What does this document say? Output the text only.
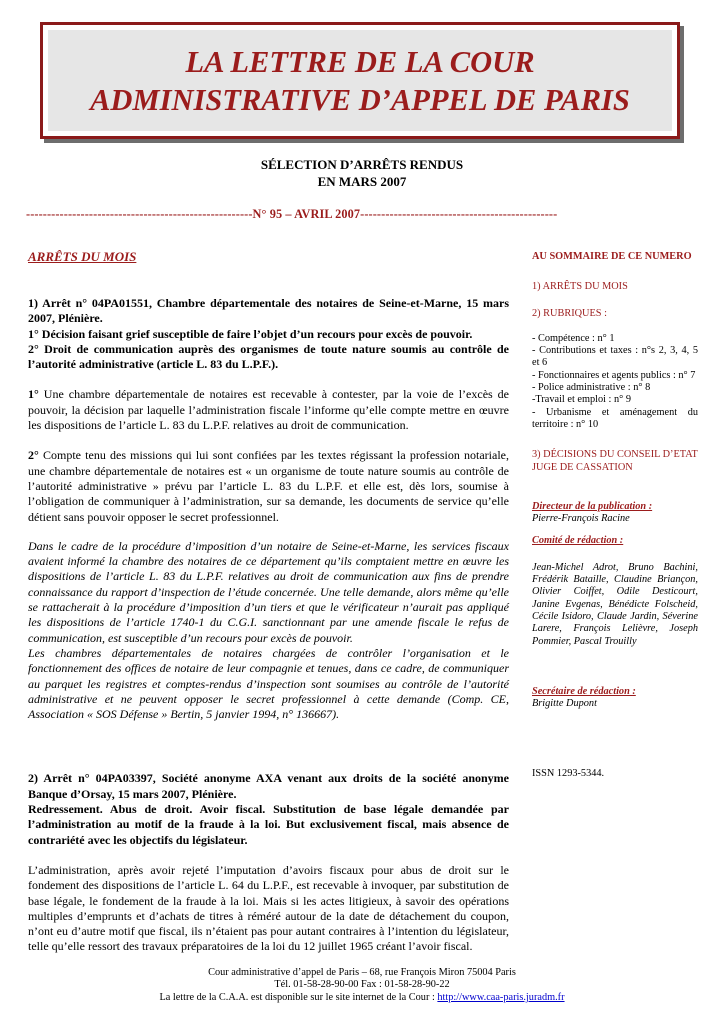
LA LETTRE DE LA COUR
ADMINISTRATIVE D’APPEL DE PARIS
SÉLECTION D’ARRÊTS RENDUS
EN MARS 2007
------------------------------------------------------N° 95 – AVRIL 2007-----------------------------------------------
ARRÊTS DU MOIS

1) Arrêt n° 04PA01551, Chambre départementale des notaires de Seine-et-Marne, 15 mars 2007, Plénière.

1° Décision faisant grief susceptible de faire l’objet d’un recours pour excès de pouvoir.

2° Droit de communication auprès des organismes de toute nature soumis au contrôle de l’autorité administrative (article L. 83 du L.P.F.).

1° Une chambre départementale de notaires est recevable à contester, par la voie de l’excès de pouvoir, la décision par laquelle l’administration fiscale l’informe qu’elle compte mettre en œuvre les dispositions de l’article L. 83 du L.P.F. relatives au droit de communication.

2° Compte tenu des missions qui lui sont confiées par les textes régissant la profession notariale, une chambre départementale de notaires est « un organisme de toute nature soumis au contrôle de l’autorité administrative » prévu par l’article L. 83 du L.P.F. et elle est, dès lors, soumise à l’obligation de communiquer à l’administration, sur sa demande, les documents de service qu’elle détient sans pouvoir opposer le secret professionnel.

Dans le cadre de la procédure d’imposition d’un notaire de Seine-et-Marne, les services fiscaux avaient informé la chambre des notaires de ce département qu’ils comptaient mettre en œuvre les dispositions de l’article L. 83 du L.P.F. relatives au droit de communication aux fins de prendre connaissance du rapport d’inspection de l’étude concernée. Une telle demande, alors même qu’elle se rattacherait à la procédure d’imposition d’un tiers et que le vérificateur n’aurait pas appliqué les dispositions de l’article 1740-1 du C.G.I. sanctionnant par une amende fiscale le refus de communication, est susceptible d’un recours pour excès de pouvoir.

Les chambres départementales de notaires chargées de contrôler l’organisation et le fonctionnement des offices de notaire de leur compagnie et tenues, dans ce cadre, de communiquer au parquet les registres et comptes-rendus d’inspection sont soumises au contrôle de l’autorité administrative et ne peuvent opposer le secret professionnel à cette demande (Comp. CE, Association « SOS Défense » Bertin, 5 janvier 1994, n° 136667).

2) Arrêt n° 04PA03397, Société anonyme AXA venant aux droits de la société anonyme Banque d’Orsay, 15 mars 2007, Plénière.

Redressement. Abus de droit. Avoir fiscal. Substitution de base légale demandée par l’administration au motif de la fraude à la loi. But exclusivement fiscal, mais absence de contrariété avec les objectifs du législateur.

L’administration, après avoir rejeté l’imputation d’avoirs fiscaux pour abus de droit sur le fondement des dispositions de l’article L. 64 du L.P.F., est recevable à invoquer, par substitution de base légale, le fondement de la fraude à la loi. Mais si les actes litigieux, à savoir des opérations multiples d’emprunts et d’achats de titres à réméré autour de la date de détachement du coupon, n’ont eu d’autre motif que fiscal, ils n’étaient pas pour autant contraires à l’intention du législateur, telle qu’elle ressort des travaux préparatoires de la loi du 12 juillet 1965 créant l’avoir fiscal.

AU SOMMAIRE DE CE NUMERO

1) ARRÊTS DU MOIS

2) RUBRIQUES :

- Compétence : n° 1

- Contributions et taxes : n°s 2, 3, 4, 5 et 6

- Fonctionnaires et agents publics : n° 7

- Police administrative : n° 8

-Travail et emploi : n° 9

- Urbanisme et aménagement du territoire : n° 10

3) DÉCISIONS DU CONSEIL D’ETAT JUGE DE CASSATION

Directeur de la publication :

Pierre-François Racine

Comité de rédaction :

Jean-Michel Adrot, Bruno Bachini, Frédérik Bataille, Claudine Briançon, Olivier Coiffet, Odile Desticourt, Janine Evgenas, Bénédicte Folscheid, Cécile Isidoro, Claude Jardin, Séverine Larere, François Lelièvre, Joseph Pommier, Pascal Trouilly

Secrétaire de rédaction :

Brigitte Dupont

ISSN 1293-5344.

Cour administrative d’appel de Paris – 68, rue François Miron 75004 Paris
Tél. 01-58-28-90-00 Fax : 01-58-28-90-22
La lettre de la C.A.A. est disponible sur le site internet de la Cour : http://www.caa-paris.juradm.fr
